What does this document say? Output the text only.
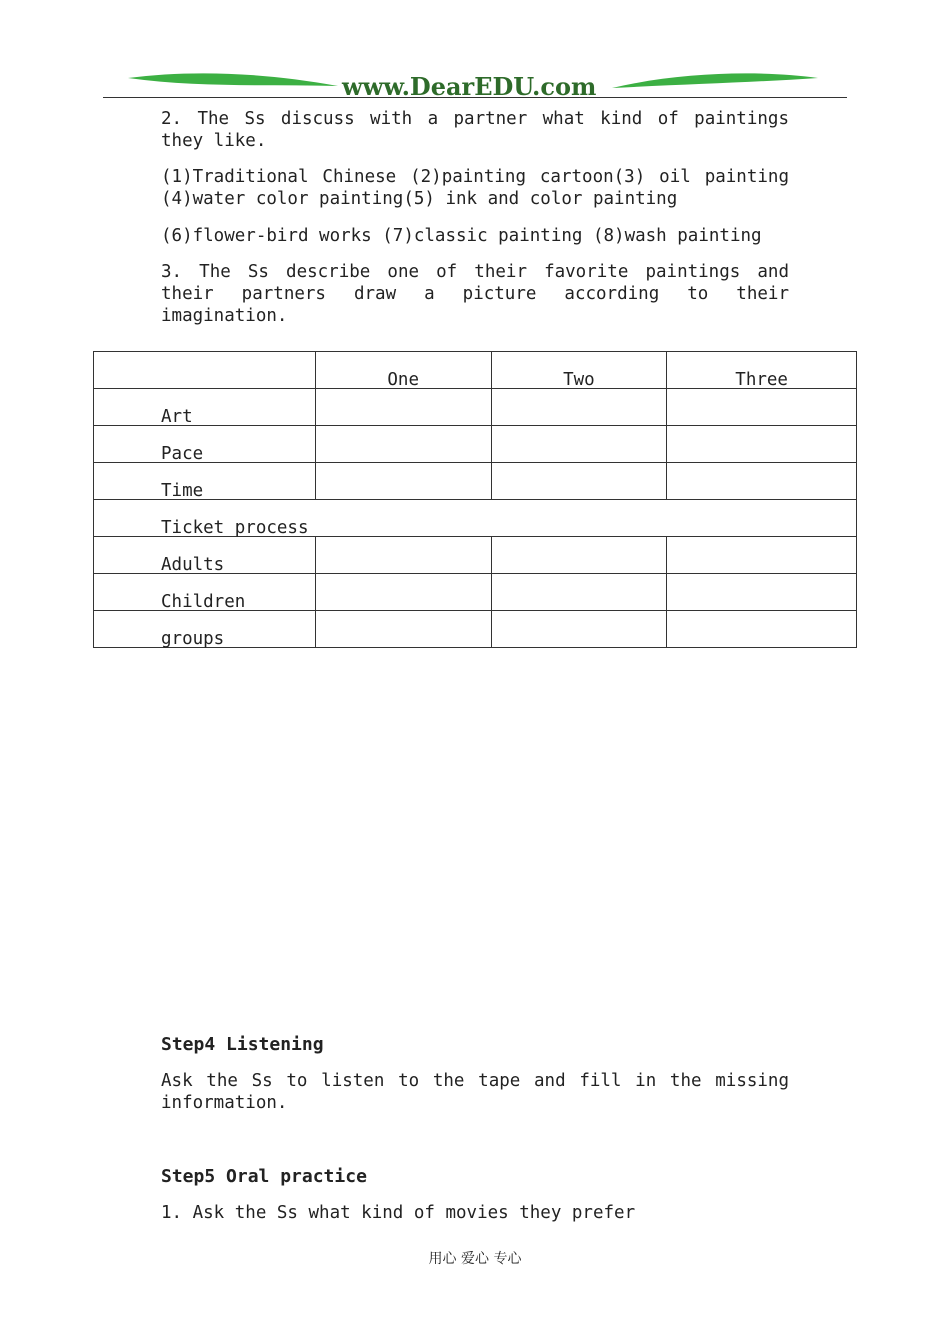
www.DearEDU.com

2. The Ss discuss with a partner what kind of paintings they like.

(1)Traditional Chinese (2)painting cartoon(3) oil painting (4)water color painting(5) ink and color painting

(6)flower-bird works (7)classic painting (8)wash painting

3. The Ss describe one of their favorite paintings and their partners draw a picture according to their imagination.

	One	Two	Three
Art			
Pace			
Time			
Ticket process			
Adults			
Children			
groups			

Step4 Listening

Ask the Ss to listen to the tape and fill in the missing information.

Step5 Oral practice

1. Ask the Ss what kind of movies they prefer

用心 爱心 专心
